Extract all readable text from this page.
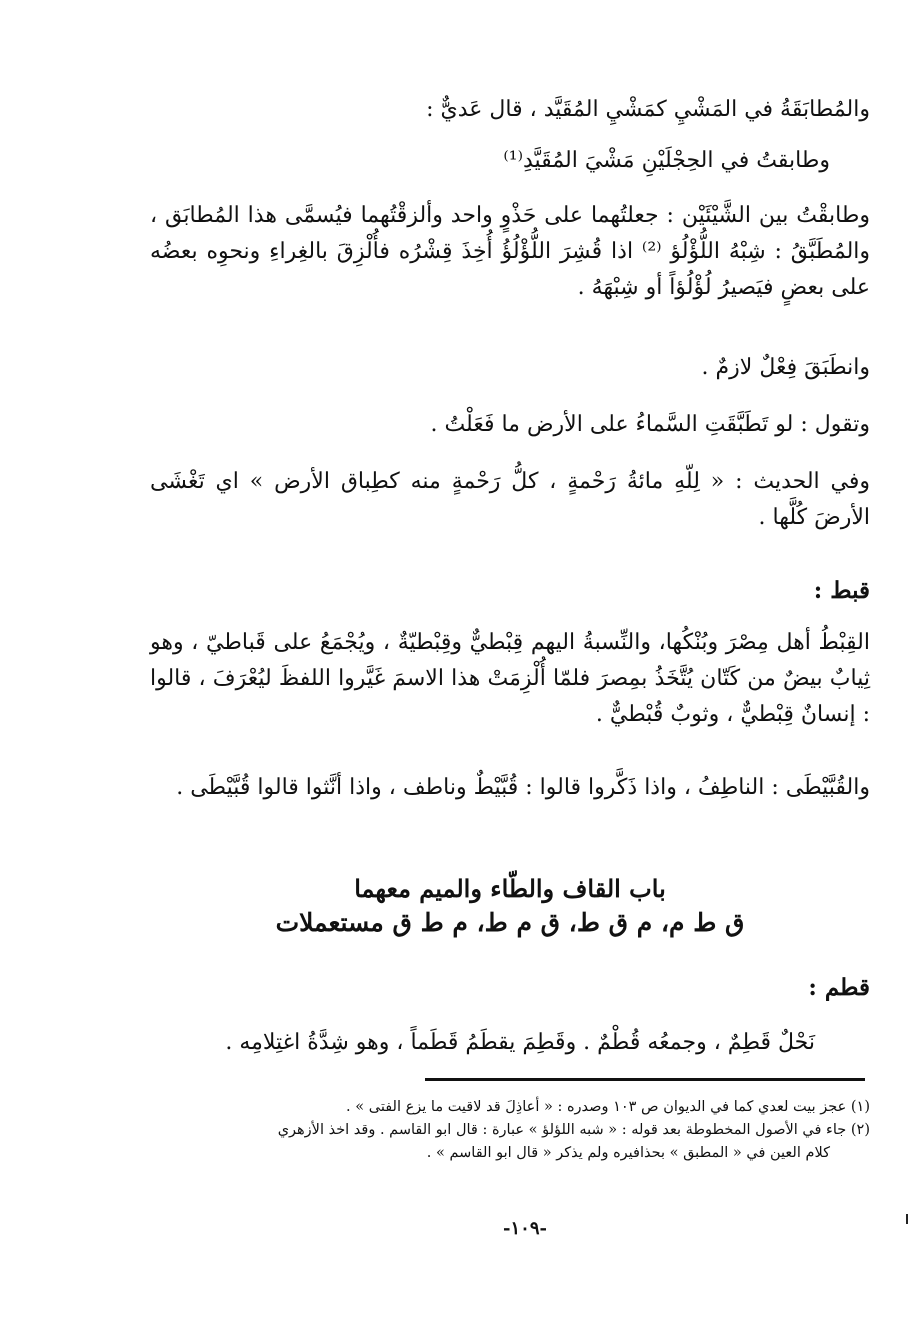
والمُطابَقَةُ في المَشْيِ كمَشْيِ المُقَيَّد ، قال عَديٌّ :

وطابقتُ في الحِجْلَيْنِ مَشْيَ المُقَيَّدِ⁽¹⁾

وطابقْتُ بين الشَّيْئَيْن : جعلتُهما على حَذْوٍ واحد وألزقْتُهما فيُسمَّى هذا المُطابَق ، والمُطَبَّقُ : شِبْهُ اللُّؤْلُؤ ⁽²⁾ اذا قُشِرَ اللُّؤْلُؤُ أُخِذَ قِشْرُه فأُلْزِقَ بالغِراءِ ونحوِه بعضُه على بعضٍ فيَصيرُ لُؤْلُؤاً أو شِبْهَهُ .

وانطَبَقَ فِعْلٌ لازمٌ .

وتقول : لو تَطَبَّقَتِ السَّماءُ على الأرض ما فَعَلْتُ .

وفي الحديث : « لِلّهِ مائةُ رَحْمةٍ ، كلُّ رَحْمةٍ منه كطِباق الأرض » اي تَغْشَى الأرضَ كُلَّها .

قبط :

القِبْطُ أهل مِصْرَ وبُنْكُها، والنِّسبةُ اليهم قِبْطيٌّ وقِبْطيّةٌ ، ويُجْمَعُ على قَباطيّ ، وهو ثِيابٌ بيضٌ من كَتّان يُتَّخَذُ بمِصرَ فلمّا أُلْزِمَتْ هذا الاسمَ غَيَّروا اللفظَ ليُعْرَفَ ، قالوا : إنسانٌ قِبْطيٌّ ، وثوبٌ قُبْطيٌّ .

والقُبَّيْطَى : الناطِفُ ، واذا ذَكَّروا قالوا : قُبَّيْطٌ وناطف ، واذا أنَّثوا قالوا قُبَّيْطَى .

باب القاف والطّاء والميم معهما
ق ط م، م ق ط، ق م ط، م ط ق مستعملات

قطم :

نَحْلٌ قَطِمٌ ، وجمعُه قُطْمٌ . وقَطِمَ يقطَمُ قَطَماً ، وهو شِدَّةُ اغتِلامِه .

(١) عجز بيت لعدي كما في الديوان ص ١٠٣ وصدره : « أعاذِلَ قد لاقيت ما يزع الفتى » .
(٢) جاء في الأصول المخطوطة بعد قوله : « شبه اللؤلؤ » عبارة : قال ابو القاسم . وقد اخذ الأزهري
كلام العين في « المطبق » بحذافيره ولم يذكر « قال ابو القاسم » .
-١٠٩-
